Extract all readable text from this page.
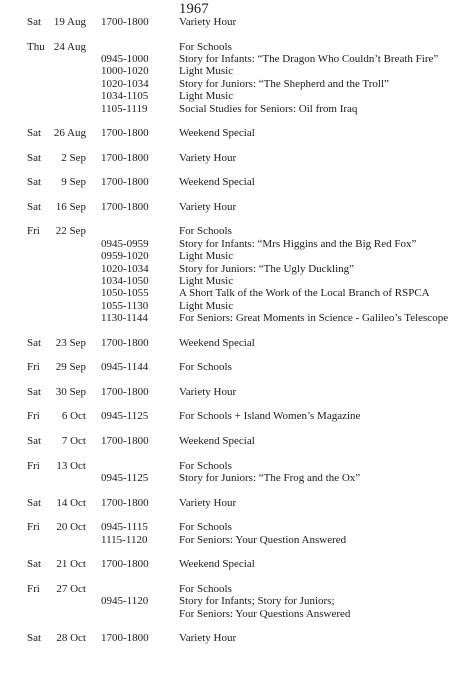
1967
Sat 19 Aug 1700-1800	Variety Hour
Thu 24 Aug	For Schools
0945-1000	Story for Infants: “The Dragon Who Couldn’t Breath Fire”
1000-1020	Light Music
1020-1034	Story for Juniors: “The Shepherd and the Troll”
1034-1105	Light Music
1105-1119	Social Studies for Seniors: Oil from Iraq
Sat 26 Aug 1700-1800	Weekend Special
Sat	2 Sep 1700-1800	Variety Hour
Sat	9 Sep 1700-1800	Weekend Special
Sat	16 Sep 1700-1800	Variety Hour
Fri	22 Sep	For Schools
0945-0959	Story for Infants: “Mrs Higgins and the Big Red Fox”
0959-1020	Light Music
1020-1034	Story for Juniors: “The Ugly Duckling”
1034-1050	Light Music
1050-1055	A Short Talk of the Work of the Local Branch of RSPCA
1055-1130	Light Music
1130-1144	For Seniors: Great Moments in Science - Galileo’s Telescope
Sat	23 Sep 1700-1800	Weekend Special
Fri	29 Sep 0945-1144	For Schools
Sat	30 Sep 1700-1800	Variety Hour
Fri	6 Oct 0945-1125	For Schools + Island Women’s Magazine
Sat	7 Oct 1700-1800	Weekend Special
Fri	13 Oct	For Schools
0945-1125	Story for Juniors: “The Frog and the Ox”
Sat	14 Oct 1700-1800	Variety Hour
Fri	20 Oct 0945-1115	For Schools
1115-1120	For Seniors: Your Question Answered
Sat	21 Oct 1700-1800	Weekend Special
Fri	27 Oct	For Schools
0945-1120	Story for Infants; Story for Juniors;
For Seniors: Your Questions Answered
Sat	28 Oct 1700-1800	Variety Hour
